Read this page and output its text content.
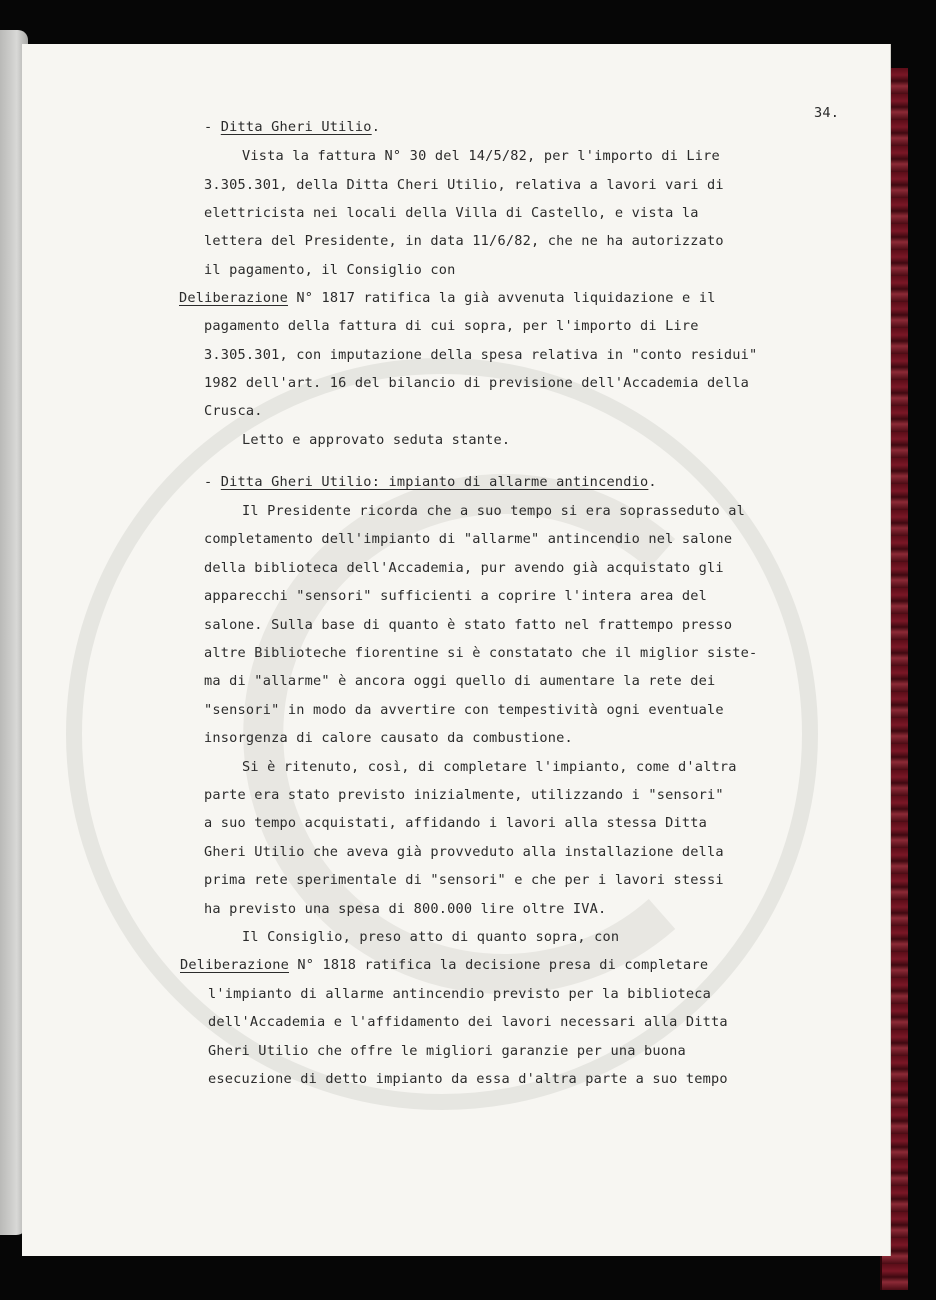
34.

- Ditta Gheri Utilio.

Vista la fattura N° 30 del 14/5/82, per l'importo di Lire

3.305.301, della Ditta Cheri Utilio, relativa a lavori vari di

elettricista nei locali della Villa di Castello, e vista la

lettera del Presidente, in data 11/6/82, che ne ha autorizzato

il pagamento, il Consiglio con

Deliberazione N° 1817 ratifica la già avvenuta liquidazione e il

pagamento della fattura di cui sopra, per l'importo di Lire

3.305.301, con imputazione della spesa relativa in "conto residui"

1982 dell'art. 16 del bilancio di previsione dell'Accademia della

Crusca.

Letto e approvato seduta stante.

- Ditta Gheri Utilio: impianto di allarme antincendio.

Il Presidente ricorda che a suo tempo si era soprasseduto al

completamento dell'impianto di "allarme" antincendio nel salone

della biblioteca dell'Accademia, pur avendo già acquistato gli

apparecchi "sensori" sufficienti a coprire l'intera area del

salone. Sulla base di quanto è stato fatto nel frattempo presso

altre Biblioteche fiorentine si è constatato che il miglior siste-

ma di "allarme" è ancora oggi quello di aumentare la rete dei

"sensori" in modo da avvertire con tempestività ogni eventuale

insorgenza di calore causato da combustione.

Si è ritenuto, così, di completare l'impianto, come d'altra

parte era stato previsto inizialmente, utilizzando i "sensori"

a suo tempo acquistati, affidando i lavori alla stessa Ditta

Gheri Utilio che aveva già provveduto alla installazione della

prima rete sperimentale di "sensori" e che per i lavori stessi

ha previsto una spesa di 800.000 lire oltre IVA.

Il Consiglio, preso atto di quanto sopra, con

Deliberazione N° 1818 ratifica la decisione presa di completare

l'impianto di allarme antincendio previsto per la biblioteca

dell'Accademia e l'affidamento dei lavori necessari alla Ditta

Gheri Utilio che offre le migliori garanzie per una buona

esecuzione di detto impianto da essa d'altra parte a suo tempo
